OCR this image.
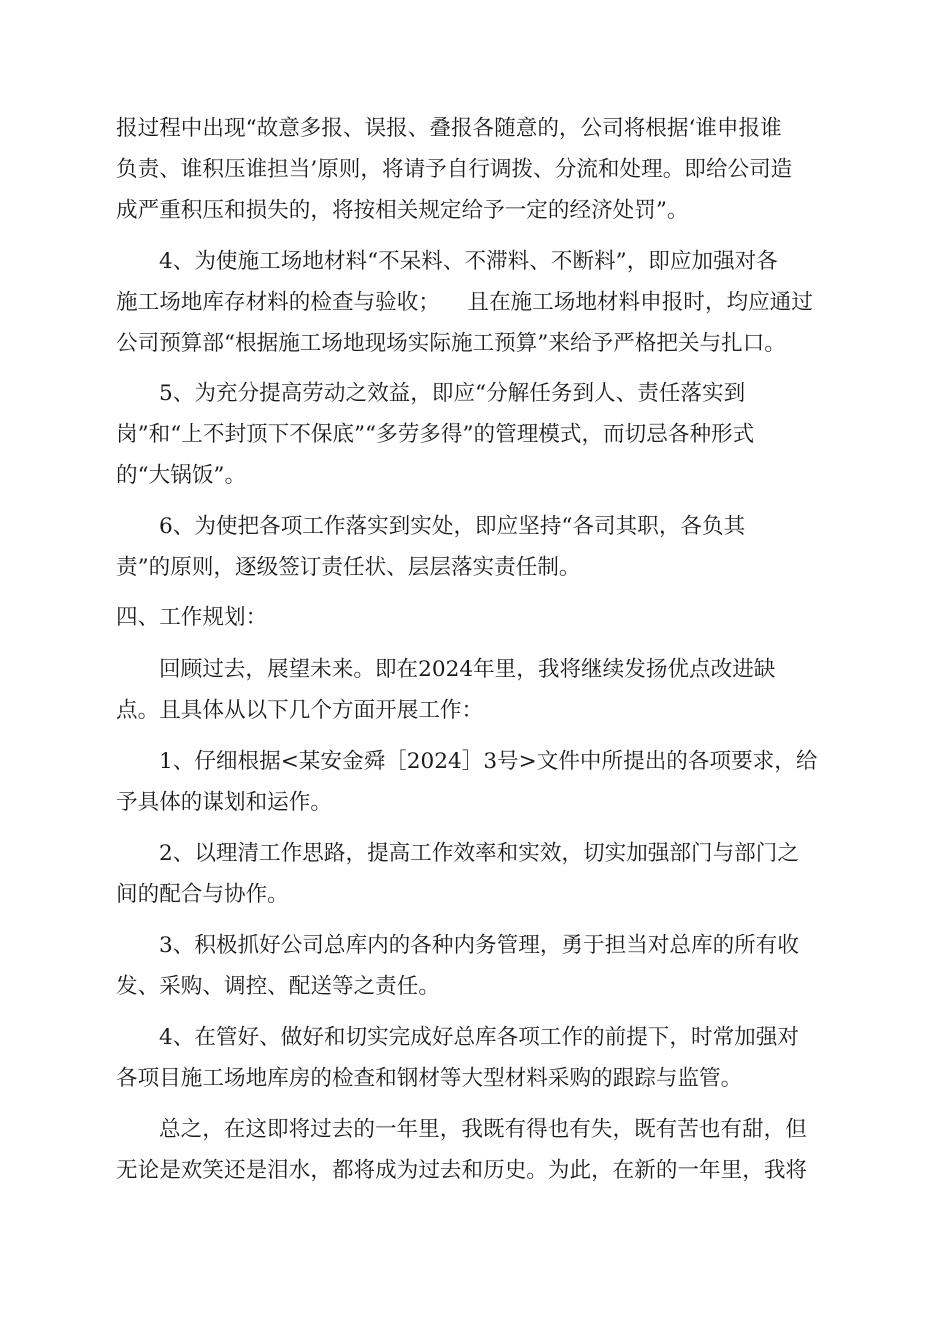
报过程中出现“故意多报、误报、叠报各随意的，公司将根据‘谁申报谁
负责、谁积压谁担当’原则，将请予自行调拨、分流和处理。即给公司造
成严重积压和损失的，将按相关规定给予一定的经济处罚”。

4、为使施工场地材料“不呆料、不滞料、不断料”，即应加强对各
施工场地库存材料的检查与验收；    且在施工场地材料申报时，均应通过
公司预算部“根据施工场地现场实际施工预算”来给予严格把关与扎口。

5、为充分提高劳动之效益，即应“分解任务到人、责任落实到
岗”和“上不封顶下不保底”“多劳多得”的管理模式，而切忌各种形式
的“大锅饭”。

6、为使把各项工作落实到实处，即应坚持“各司其职，各负其
责”的原则，逐级签订责任状、层层落实责任制。

四、工作规划：

回顾过去，展望未来。即在2024年里，我将继续发扬优点改进缺
点。且具体从以下几个方面开展工作：

1、仔细根据<某安金舜［2024］3号>文件中所提出的各项要求，给
予具体的谋划和运作。

2、以理清工作思路，提高工作效率和实效，切实加强部门与部门之
间的配合与协作。

3、积极抓好公司总库内的各种内务管理，勇于担当对总库的所有收
发、采购、调控、配送等之责任。

4、在管好、做好和切实完成好总库各项工作的前提下，时常加强对
各项目施工场地库房的检查和钢材等大型材料采购的跟踪与监管。

总之，在这即将过去的一年里，我既有得也有失，既有苦也有甜，但
无论是欢笑还是泪水，都将成为过去和历史。为此，在新的一年里，我将
